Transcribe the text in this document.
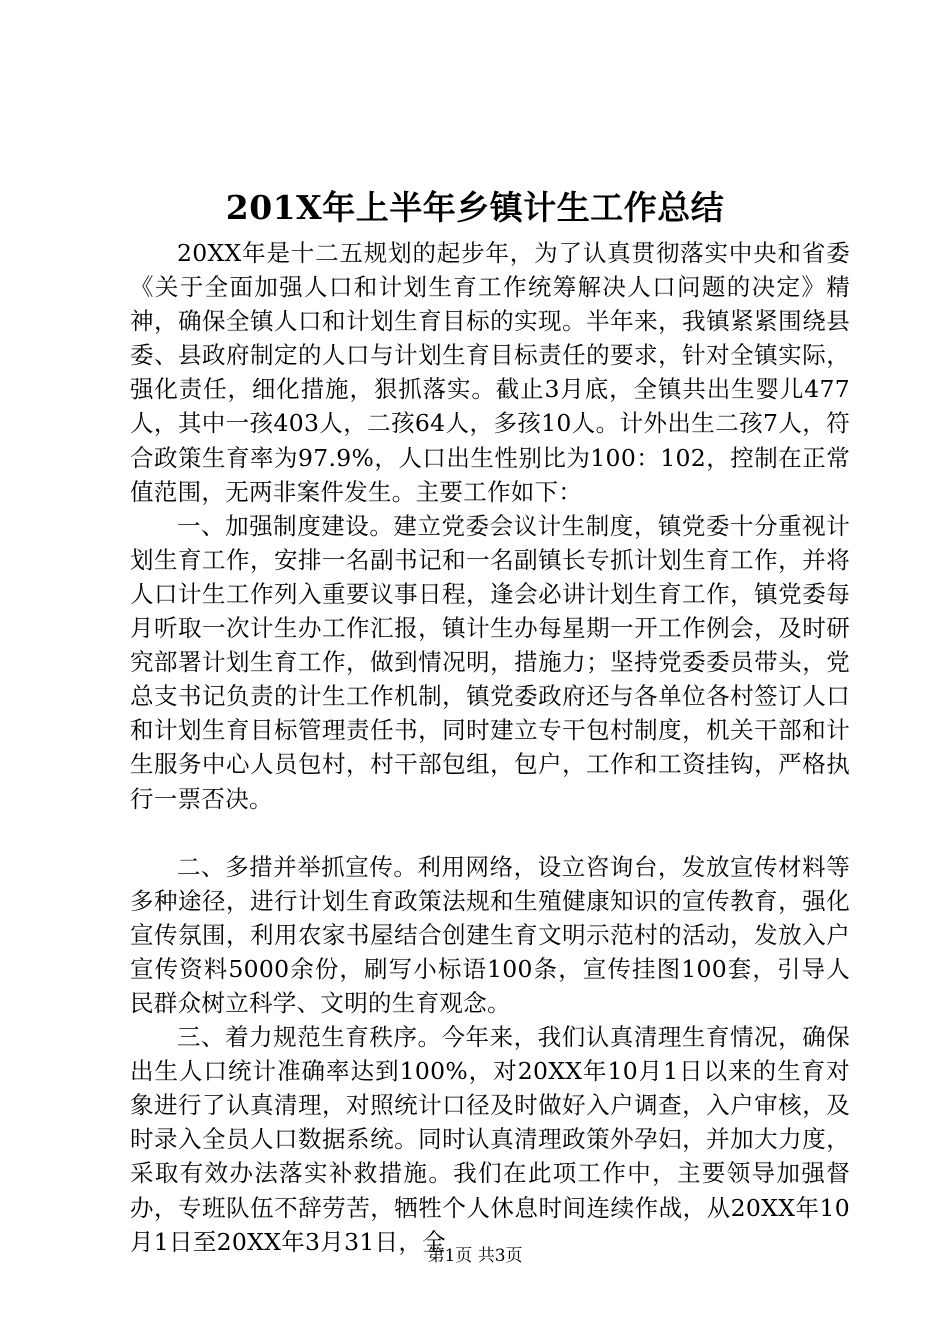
201X年上半年乡镇计生工作总结

20XX年是十二五规划的起步年，为了认真贯彻落实中央和省委《关于全面加强人口和计划生育工作统筹解决人口问题的决定》精神，确保全镇人口和计划生育目标的实现。半年来，我镇紧紧围绕县委、县政府制定的人口与计划生育目标责任的要求，针对全镇实际，强化责任，细化措施，狠抓落实。截止3月底，全镇共出生婴儿477人，其中一孩403人，二孩64人，多孩10人。计外出生二孩7人，符合政策生育率为97.9%，人口出生性别比为100：102，控制在正常值范围，无两非案件发生。主要工作如下：

一、加强制度建设。建立党委会议计生制度，镇党委十分重视计划生育工作，安排一名副书记和一名副镇长专抓计划生育工作，并将人口计生工作列入重要议事日程，逢会必讲计划生育工作，镇党委每月听取一次计生办工作汇报，镇计生办每星期一开工作例会，及时研究部署计划生育工作，做到情况明，措施力；坚持党委委员带头，党总支书记负责的计生工作机制，镇党委政府还与各单位各村签订人口和计划生育目标管理责任书，同时建立专干包村制度，机关干部和计生服务中心人员包村，村干部包组，包户，工作和工资挂钩，严格执行一票否决。

二、多措并举抓宣传。利用网络，设立咨询台，发放宣传材料等多种途径，进行计划生育政策法规和生殖健康知识的宣传教育，强化宣传氛围，利用农家书屋结合创建生育文明示范村的活动，发放入户宣传资料5000余份，刷写小标语100条，宣传挂图100套，引导人民群众树立科学、文明的生育观念。

三、着力规范生育秩序。今年来，我们认真清理生育情况，确保出生人口统计准确率达到100%，对20XX年10月1日以来的生育对象进行了认真清理，对照统计口径及时做好入户调查，入户审核，及时录入全员人口数据系统。同时认真清理政策外孕妇，并加大力度，采取有效办法落实补救措施。我们在此项工作中，主要领导加强督办，专班队伍不辞劳苦，牺牲个人休息时间连续作战，从20XX年10月1日至20XX年3月31日，全

第1页 共3页
